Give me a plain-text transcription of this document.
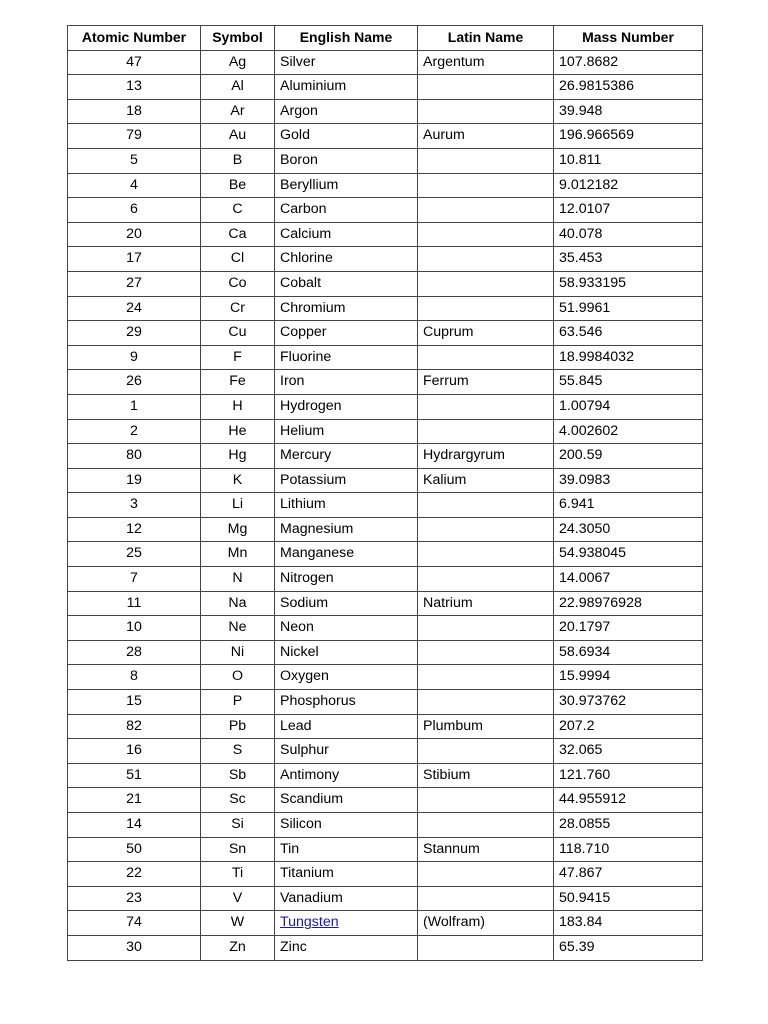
Atomic Number	Symbol	English Name	Latin Name	Mass Number
47	Ag	Silver	Argentum	107.8682
13	Al	Aluminium		26.9815386
18	Ar	Argon		39.948
79	Au	Gold	Aurum	196.966569
5	B	Boron		10.811
4	Be	Beryllium		9.012182
6	C	Carbon		12.0107
20	Ca	Calcium		40.078
17	Cl	Chlorine		35.453
27	Co	Cobalt		58.933195
24	Cr	Chromium		51.9961
29	Cu	Copper	Cuprum	63.546
9	F	Fluorine		18.9984032
26	Fe	Iron	Ferrum	55.845
1	H	Hydrogen		1.00794
2	He	Helium		4.002602
80	Hg	Mercury	Hydrargyrum	200.59
19	K	Potassium	Kalium	39.0983
3	Li	Lithium		6.941
12	Mg	Magnesium		24.3050
25	Mn	Manganese		54.938045
7	N	Nitrogen		14.0067
11	Na	Sodium	Natrium	22.98976928
10	Ne	Neon		20.1797
28	Ni	Nickel		58.6934
8	O	Oxygen		15.9994
15	P	Phosphorus		30.973762
82	Pb	Lead	Plumbum	207.2
16	S	Sulphur		32.065
51	Sb	Antimony	Stibium	121.760
21	Sc	Scandium		44.955912
14	Si	Silicon		28.0855
50	Sn	Tin	Stannum	118.710
22	Ti	Titanium		47.867
23	V	Vanadium		50.9415
74	W	Tungsten	(Wolfram)	183.84
30	Zn	Zinc		65.39
